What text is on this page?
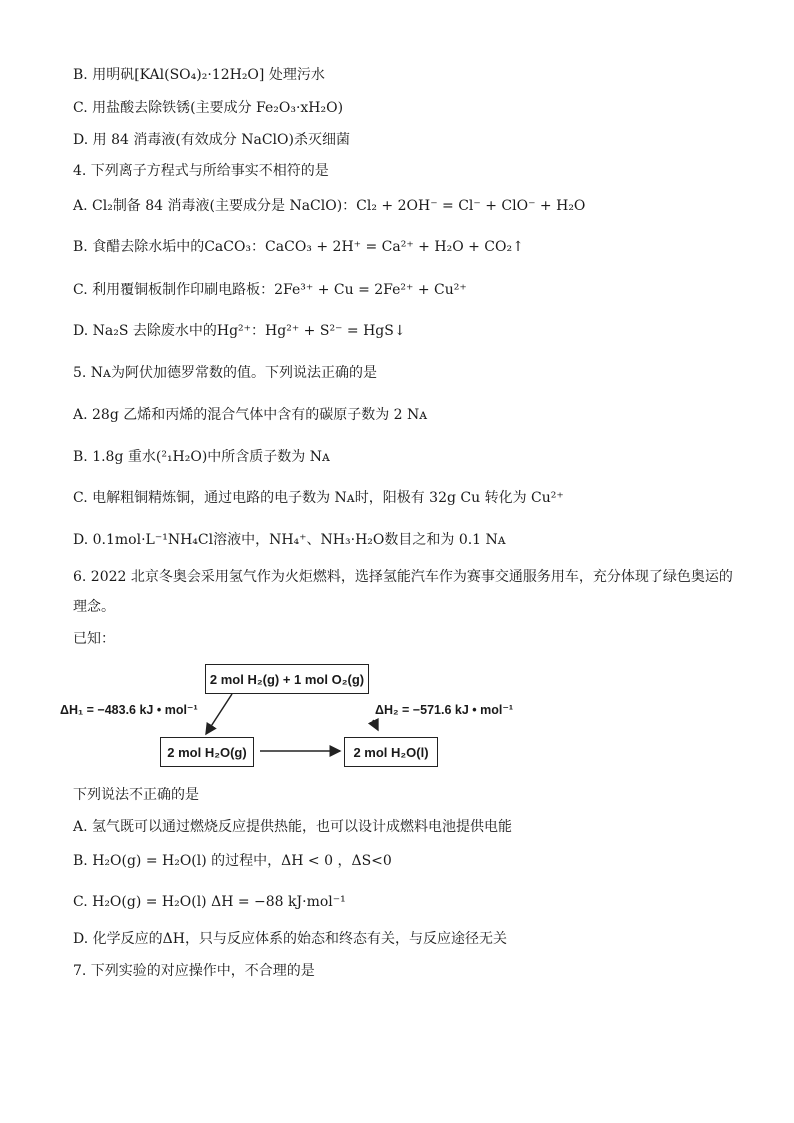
B. 用明矾[KAl(SO₄)₂·12H₂O] 处理污水
C. 用盐酸去除铁锈(主要成分 Fe₂O₃·xH₂O)
D. 用 84 消毒液(有效成分 NaClO)杀灭细菌
4. 下列离子方程式与所给事实不相符的是
A. Cl₂制备 84 消毒液(主要成分是 NaClO)：Cl₂ + 2OH⁻ = Cl⁻ + ClO⁻ + H₂O
B. 食醋去除水垢中的CaCO₃：CaCO₃ + 2H⁺ = Ca²⁺ + H₂O + CO₂↑
C. 利用覆铜板制作印刷电路板：2Fe³⁺ + Cu = 2Fe²⁺ + Cu²⁺
D. Na₂S 去除废水中的Hg²⁺：Hg²⁺ + S²⁻ = HgS↓
5. Nᴀ为阿伏加德罗常数的值。下列说法正确的是
A. 28g 乙烯和丙烯的混合气体中含有的碳原子数为 2 Nᴀ
B. 1.8g 重水(²₁H₂O)中所含质子数为 Nᴀ
C. 电解粗铜精炼铜，通过电路的电子数为 Nᴀ时，阳极有 32g Cu 转化为 Cu²⁺
D. 0.1mol·L⁻¹NH₄Cl溶液中，NH₄⁺、NH₃·H₂O数目之和为 0.1 Nᴀ
6. 2022 北京冬奥会采用氢气作为火炬燃料，选择氢能汽车作为赛事交通服务用车，充分体现了绿色奥运的
理念。
已知：
2 mol H₂(g) + 1 mol O₂(g)
2 mol H₂O(g)	2 mol H₂O(l)
ΔH₁ = −483.6 kJ • mol⁻¹	ΔH₂ = −571.6 kJ • mol⁻¹
下列说法不正确的是
A. 氢气既可以通过燃烧反应提供热能，也可以设计成燃料电池提供电能
B. H₂O(g) = H₂O(l) 的过程中，ΔH < 0 ，ΔS<0
C. H₂O(g) = H₂O(l) ΔH = −88 kJ·mol⁻¹
D. 化学反应的ΔH，只与反应体系的始态和终态有关，与反应途径无关
7. 下列实验的对应操作中，不合理的是
